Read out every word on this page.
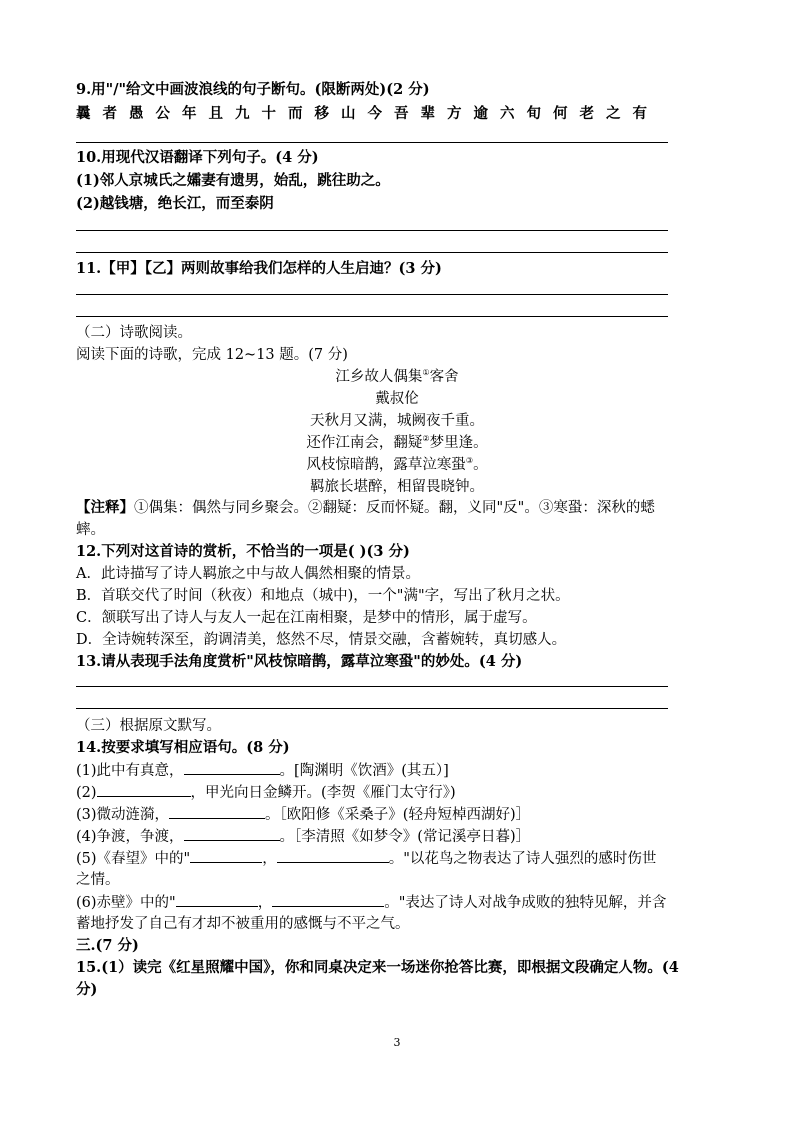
9.用"/"给文中画波浪线的句子断句。(限断两处)(2 分)
曩 者 愚 公 年 且 九 十 而 移 山 今 吾 辈 方 逾 六 旬 何 老 之 有
10.用现代汉语翻译下列句子。(4 分)
(1)邻人京城氏之孀妻有遗男，始乱，跳往助之。
(2)越钱塘，绝长江，而至泰阴
11.【甲】【乙】两则故事给我们怎样的人生启迪？(3 分)
（二）诗歌阅读。
阅读下面的诗歌，完成 12~13 题。(7 分)
江乡故人偶集①客舍
戴叔伦
天秋月又满，城阙夜千重。
还作江南会，翻疑②梦里逢。
风枝惊暗鹊，露草泣寒蛩③。
羁旅长堪醉，相留畏晓钟。
【注释】①偶集：偶然与同乡聚会。②翻疑：反而怀疑。翻，义同"反"。③寒蛩：深秋的蟋
蟀。
12.下列对这首诗的赏析，不恰当的一项是( )(3 分)
A．此诗描写了诗人羁旅之中与故人偶然相聚的情景。
B．首联交代了时间（秋夜）和地点（城中)，一个"满"字，写出了秋月之状。
C．颔联写出了诗人与友人一起在江南相聚，是梦中的情形，属于虚写。
D．全诗婉转深至，韵调清美，悠然不尽，情景交融，含蓄婉转，真切感人。
13.请从表现手法角度赏析"风枝惊暗鹊，露草泣寒蛩"的妙处。(4 分)
（三）根据原文默写。
14.按要求填写相应语句。(8 分)
(1)此中有真意，	。[陶渊明《饮酒》(其五）]
(2)	，甲光向日金鳞开。(李贺《雁门太守行》)
(3)微动涟漪，	。［欧阳修《采桑子》(轻舟短棹西湖好)］
(4)争渡，争渡，	。［李清照《如梦令》(常记溪亭日暮)］
(5)《春望》中的"	，	。"以花鸟之物表达了诗人强烈的感时伤世
之情。
(6)赤壁》中的"	，	。"表达了诗人对战争成败的独特见解，并含
蓄地抒发了自己有才却不被重用的感慨与不平之气。
三.(7 分)
15.(1）读完《红星照耀中国》，你和同桌决定来一场迷你抢答比赛，即根据文段确定人物。(4
分)
3
